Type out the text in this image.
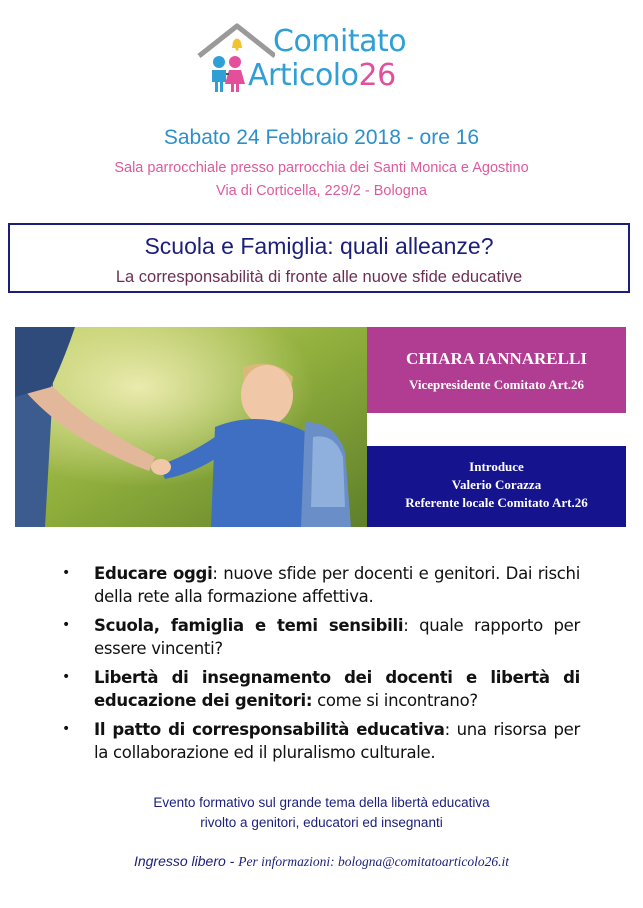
Comitato
Articolo26
Sabato 24 Febbraio 2018 - ore 16
Sala parrocchiale presso parrocchia dei Santi Monica e Agostino
Via di Corticella, 229/2 - Bologna
Scuola e Famiglia: quali alleanze?
La corresponsabilità di fronte alle nuove sfide educative
CHIARA IANNARELLI
Vicepresidente Comitato Art.26
Introduce
Valerio Corazza
Referente locale Comitato Art.26
• Educare oggi: nuove sfide per docenti e genitori. Dai rischi della rete alla formazione affettiva.
• Scuola, famiglia e temi sensibili: quale rapporto per essere vincenti?
• Libertà di insegnamento dei docenti e libertà di educazione dei genitori: come si incontrano?
• Il patto di corresponsabilità educativa: una risorsa per la collaborazione ed il pluralismo culturale.
Evento formativo sul grande tema della libertà educativa
rivolto a genitori, educatori ed insegnanti
Ingresso libero - Per informazioni: bologna@comitatoarticolo26.it
